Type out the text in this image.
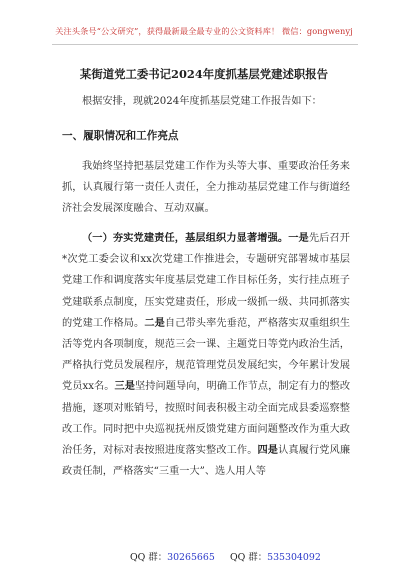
关注头条号“公文研究”，获得最新最全最专业的公文资料库！ 微信：gongwenyj
某街道党工委书记2024年度抓基层党建述职报告
根据安排，现就2024年度抓基层党建工作报告如下：
一、履职情况和工作亮点
我始终坚持把基层党建工作作为头等大事、重要政治任务来抓，认真履行第一责任人责任，全力推动基层党建工作与街道经济社会发展深度融合、互动双赢。
（一）夯实党建责任，基层组织力显著增强。一是先后召开*次党工委会议和xx次党建工作推进会，专题研究部署城市基层党建工作和调度落实年度基层党建工作目标任务，实行挂点班子党建联系点制度，压实党建责任，形成一级抓一级、共同抓落实的党建工作格局。二是自己带头率先垂范，严格落实双重组织生活等党内各项制度，规范三会一课、主题党日等党内政治生活，严格执行党员发展程序，规范管理党员发展纪实，今年累计发展党员xx名。三是坚持问题导向，明确工作节点，制定有力的整改措施，逐项对账销号，按照时间表积极主动全面完成县委巡察整改工作。同时把中央巡视抚州反馈党建方面问题整改作为重大政治任务，对标对表按照进度落实整改工作。四是认真履行党风廉政责任制，严格落实“三重一大”、选人用人等
QQ 群：30265665 QQ 群：535304092
